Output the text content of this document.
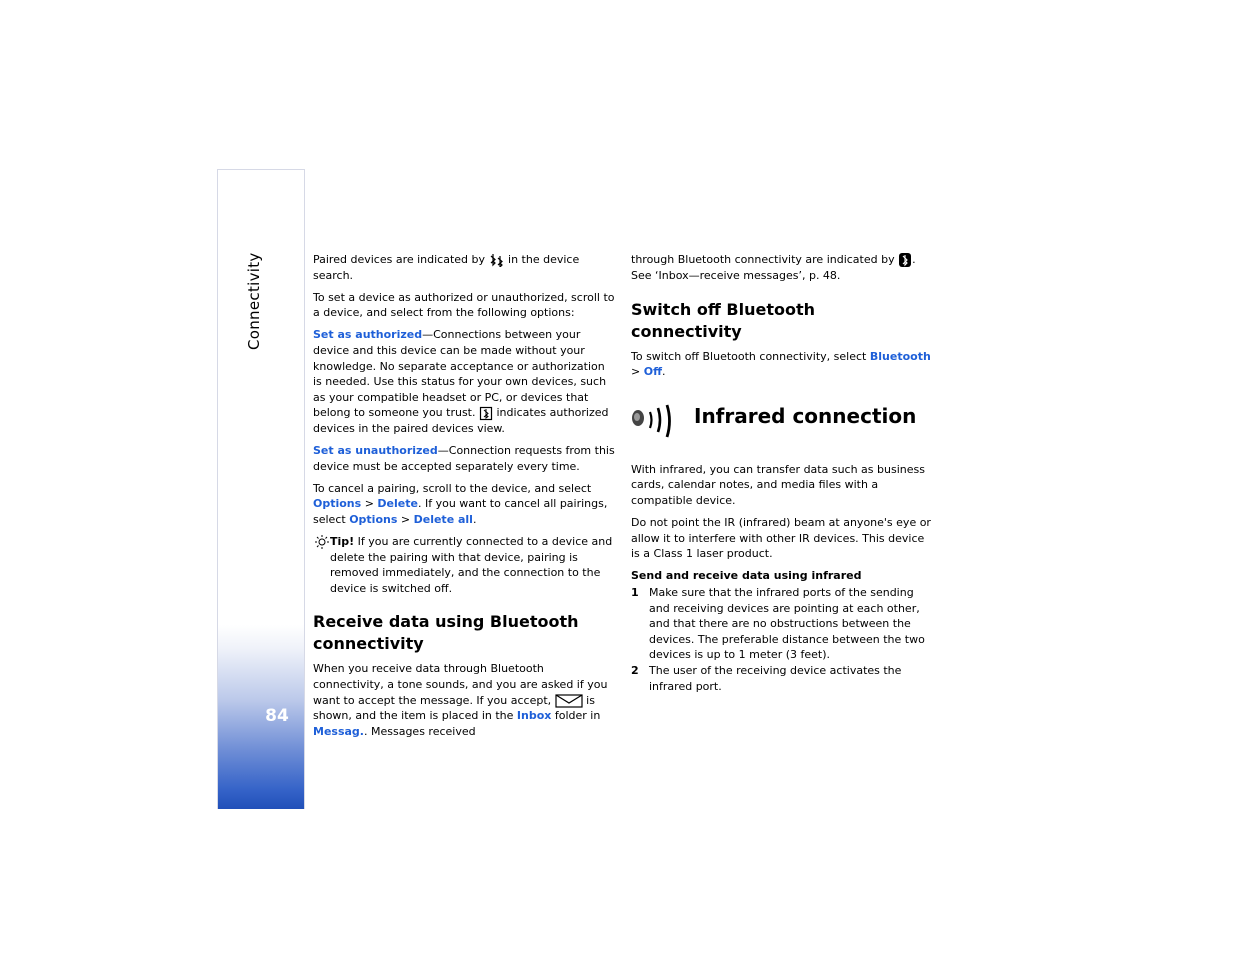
Connectivity
84

Paired devices are indicated by in the device search.

To set a device as authorized or unauthorized, scroll to a device, and select from the following options:

Set as authorized—Connections between your device and this device can be made without your knowledge. No separate acceptance or authorization is needed. Use this status for your own devices, such as your compatible headset or PC, or devices that belong to someone you trust. indicates authorized devices in the paired devices view.

Set as unauthorized—Connection requests from this device must be accepted separately every time.

To cancel a pairing, scroll to the device, and select Options > Delete. If you want to cancel all pairings, select Options > Delete all.

Tip! If you are currently connected to a device and delete the pairing with that device, pairing is removed immediately, and the connection to the device is switched off.

Receive data using Bluetooth connectivity

When you receive data through Bluetooth connectivity, a tone sounds, and you are asked if you want to accept the message. If you accept,	is shown, and the item is placed in the Inbox folder in Messag.. Messages received

through Bluetooth connectivity are indicated by . See ‘Inbox—receive messages’, p. 48.

Switch off Bluetooth connectivity

To switch off Bluetooth connectivity, select Bluetooth > Off.

Infrared connection

With infrared, you can transfer data such as business cards, calendar notes, and media files with a compatible device.

Do not point the IR (infrared) beam at anyone's eye or allow it to interfere with other IR devices. This device is a Class 1 laser product.

Send and receive data using infrared
1 Make sure that the infrared ports of the sending and receiving devices are pointing at each other, and that there are no obstructions between the devices. The preferable distance between the two devices is up to 1 meter (3 feet).
2 The user of the receiving device activates the infrared port.
